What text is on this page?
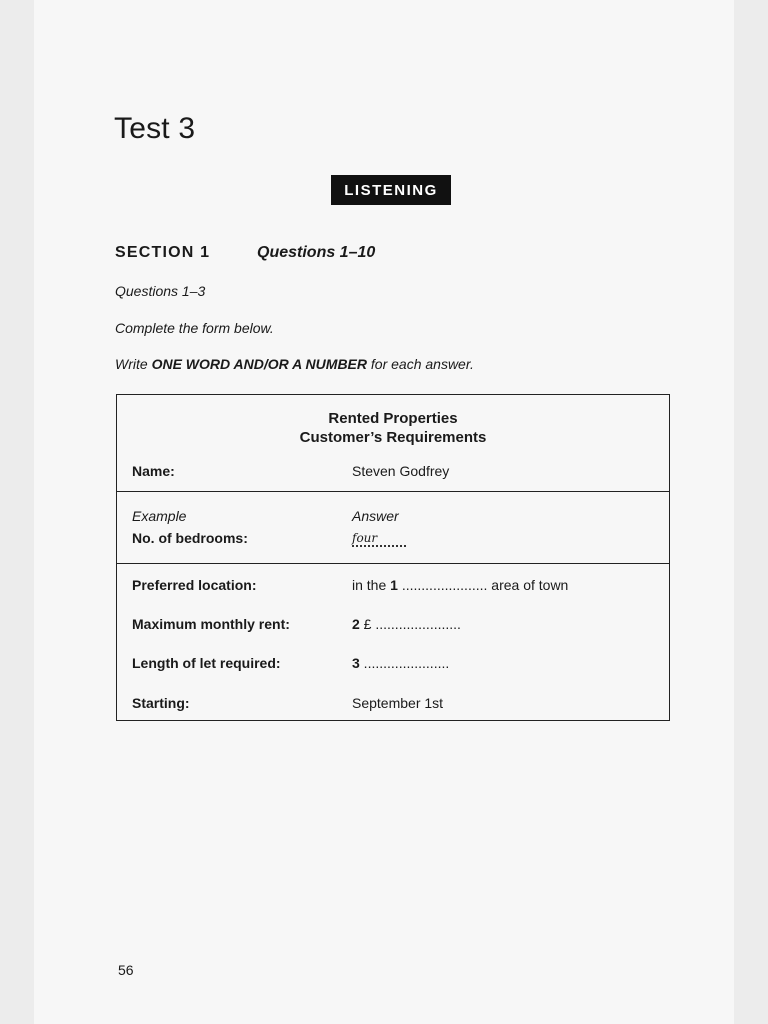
Test 3
LISTENING
SECTION 1	Questions 1–10
Questions 1–3
Complete the form below.
Write ONE WORD AND/OR A NUMBER for each answer.
Rented Properties
Customer’s Requirements
Name:	Steven Godfrey
Example	Answer
No. of bedrooms:	four
Preferred location:	in the 1 ...................... area of town
Maximum monthly rent:	2 £ ......................
Length of let required:	3 ......................
Starting:	September 1st
56
